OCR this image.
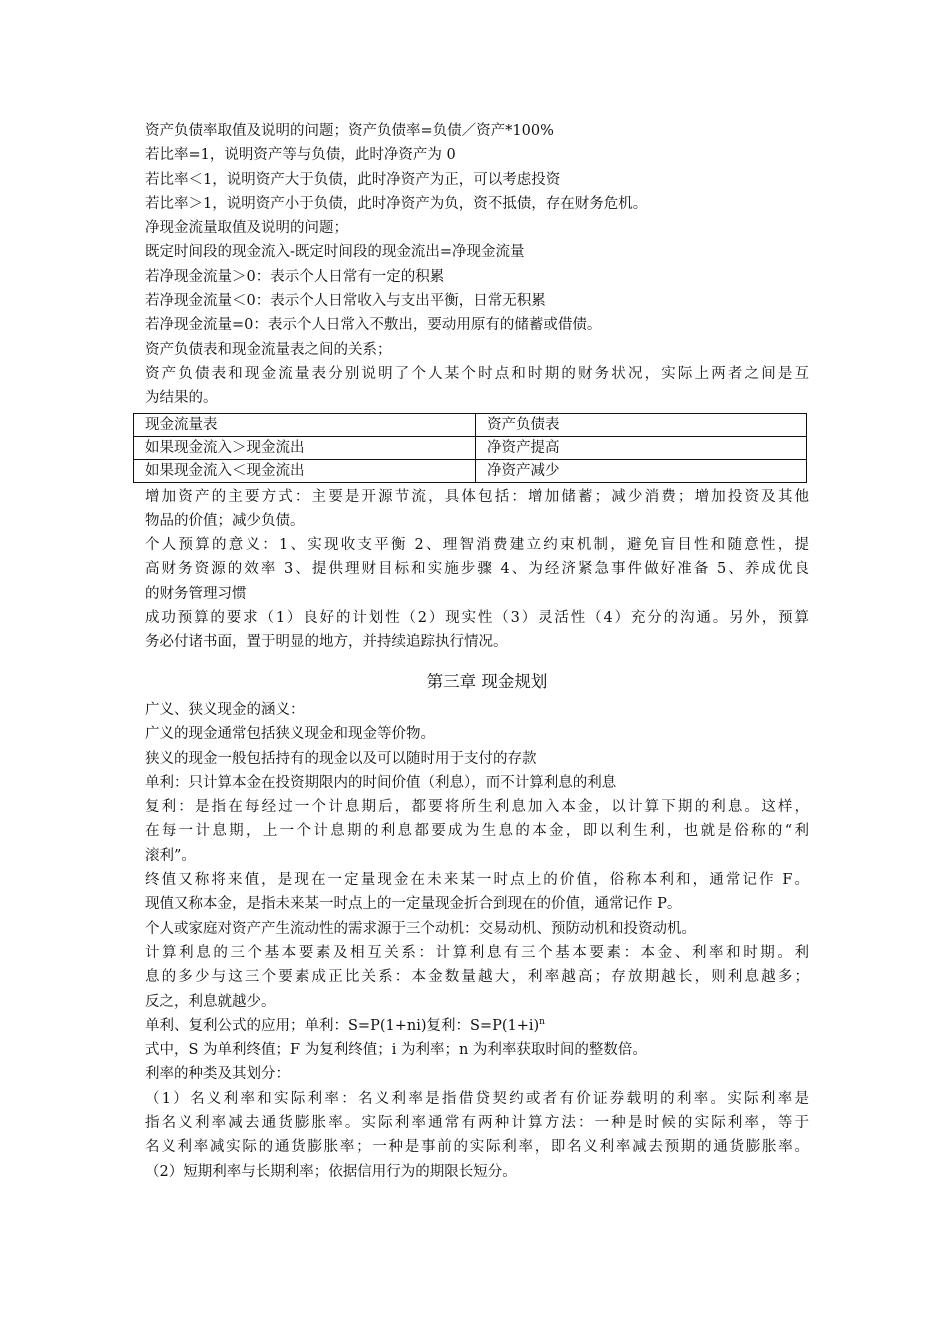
资产负债率取值及说明的问题；资产负债率=负债／资产*100%
若比率=1，说明资产等与负债，此时净资产为 0
若比率＜1，说明资产大于负债，此时净资产为正，可以考虑投资
若比率＞1，说明资产小于负债，此时净资产为负，资不抵债，存在财务危机。
净现金流量取值及说明的问题；
既定时间段的现金流入-既定时间段的现金流出=净现金流量
若净现金流量＞0：表示个人日常有一定的积累
若净现金流量＜0：表示个人日常收入与支出平衡，日常无积累
若净现金流量=0：表示个人日常入不敷出，要动用原有的储蓄或借债。
资产负债表和现金流量表之间的关系；
资产负债表和现金流量表分别说明了个人某个时点和时期的财务状况，实际上两者之间是互
为结果的。
现金流量表	资产负债表
如果现金流入＞现金流出	净资产提高
如果现金流入＜现金流出	净资产减少
增加资产的主要方式：主要是开源节流，具体包括：增加储蓄；减少消费；增加投资及其他
物品的价值；减少负债。
个人预算的意义：1、实现收支平衡 2、理智消费建立约束机制，避免盲目性和随意性，提
高财务资源的效率 3、提供理财目标和实施步骤 4、为经济紧急事件做好准备 5、养成优良
的财务管理习惯
成功预算的要求（1）良好的计划性（2）现实性（3）灵活性（4）充分的沟通。另外，预算
务必付诸书面，置于明显的地方，并持续追踪执行情况。
第三章 现金规划
广义、狭义现金的涵义：
广义的现金通常包括狭义现金和现金等价物。
狭义的现金一般包括持有的现金以及可以随时用于支付的存款
单利：只计算本金在投资期限内的时间价值（利息），而不计算利息的利息
复利：是指在每经过一个计息期后，都要将所生利息加入本金，以计算下期的利息。这样，
在每一计息期，上一个计息期的利息都要成为生息的本金，即以利生利，也就是俗称的“利
滚利”。
终值又称将来值，是现在一定量现金在未来某一时点上的价值，俗称本利和，通常记作 F。
现值又称本金，是指未来某一时点上的一定量现金折合到现在的价值，通常记作 P。
个人或家庭对资产产生流动性的需求源于三个动机：交易动机、预防动机和投资动机。
计算利息的三个基本要素及相互关系：计算利息有三个基本要素：本金、利率和时期。利
息的多少与这三个要素成正比关系：本金数量越大，利率越高；存放期越长，则利息越多；
反之，利息就越少。
单利、复利公式的应用；单利：S=P(1+ni)复利：$S=P(1+i)^n$
式中，S 为单利终值；F 为复利终值；i 为利率；n 为利率获取时间的整数倍。
利率的种类及其划分：
（1）名义利率和实际利率：名义利率是指借贷契约或者有价证券载明的利率。实际利率是
指名义利率减去通货膨胀率。实际利率通常有两种计算方法：一种是时候的实际利率，等于
名义利率减实际的通货膨胀率；一种是事前的实际利率，即名义利率减去预期的通货膨胀率。
（2）短期利率与长期利率；依据信用行为的期限长短分。
